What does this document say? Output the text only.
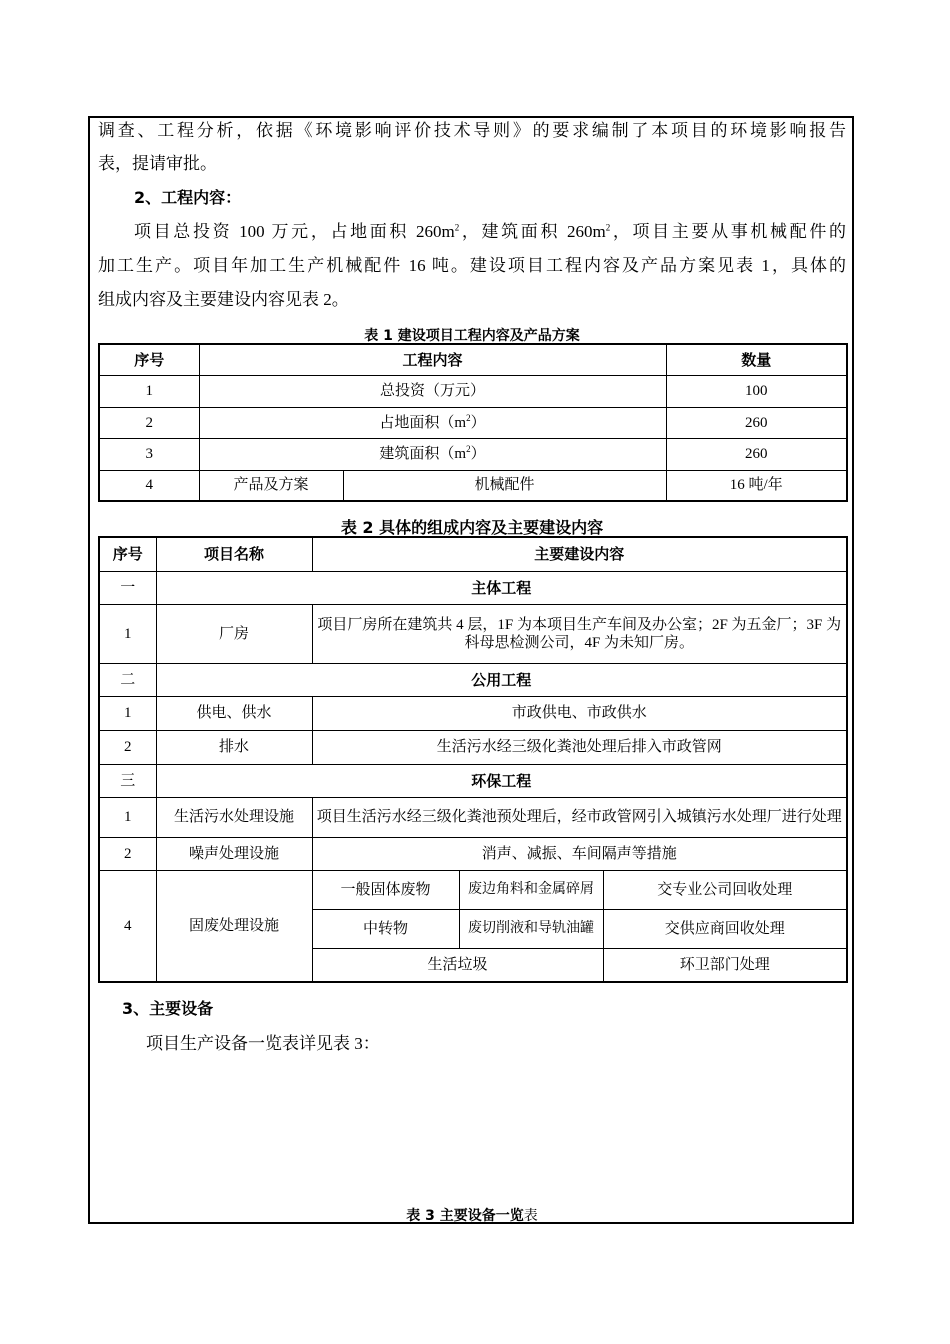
调查、工程分析，依据《环境影响评价技术导则》的要求编制了本项目的环境影响报告

表，提请审批。

2、工程内容：

项目总投资 100 万元，占地面积 $260m^2$，建筑面积 $260m^2$，项目主要从事机械配件的

加工生产。项目年加工生产机械配件 16 吨。建设项目工程内容及产品方案见表 1，具体的

组成内容及主要建设内容见表 2。

表 1 建设项目工程内容及产品方案
序号	工程内容		数量
1	总投资（万元）		100
2	占地面积$(m^2)$		260
3	建筑面积$(m^2)$		260
4	产品及方案	机械配件	16 吨/年
表 2 具体的组成内容及主要建设内容
序号	项目名称	主要建设内容		
一	主体工程			
1	厂房	项目厂房所在建筑共 4 层，1F 为本项目生产车间及办公室；2F 为五金厂；3F 为科母思检测公司，4F 为未知厂房。		
二	公用工程			
1	供电、供水	市政供电、市政供水		
2	排水	生活污水经三级化粪池处理后排入市政管网		
三	环保工程			
1	生活污水处理设施	项目生活污水经三级化粪池预处理后，经市政管网引入城镇污水处理厂进行处理		
2	噪声处理设施	消声、减振、车间隔声等措施		
4	固废处理设施	一般固体废物	废边角料和金属碎屑	交专业公司回收处理
		中转物	废切削液和导轨油罐	交供应商回收处理
		生活垃圾		环卫部门处理

3、主要设备

项目生产设备一览表详见表 3：

表 3 主要设备一览表
